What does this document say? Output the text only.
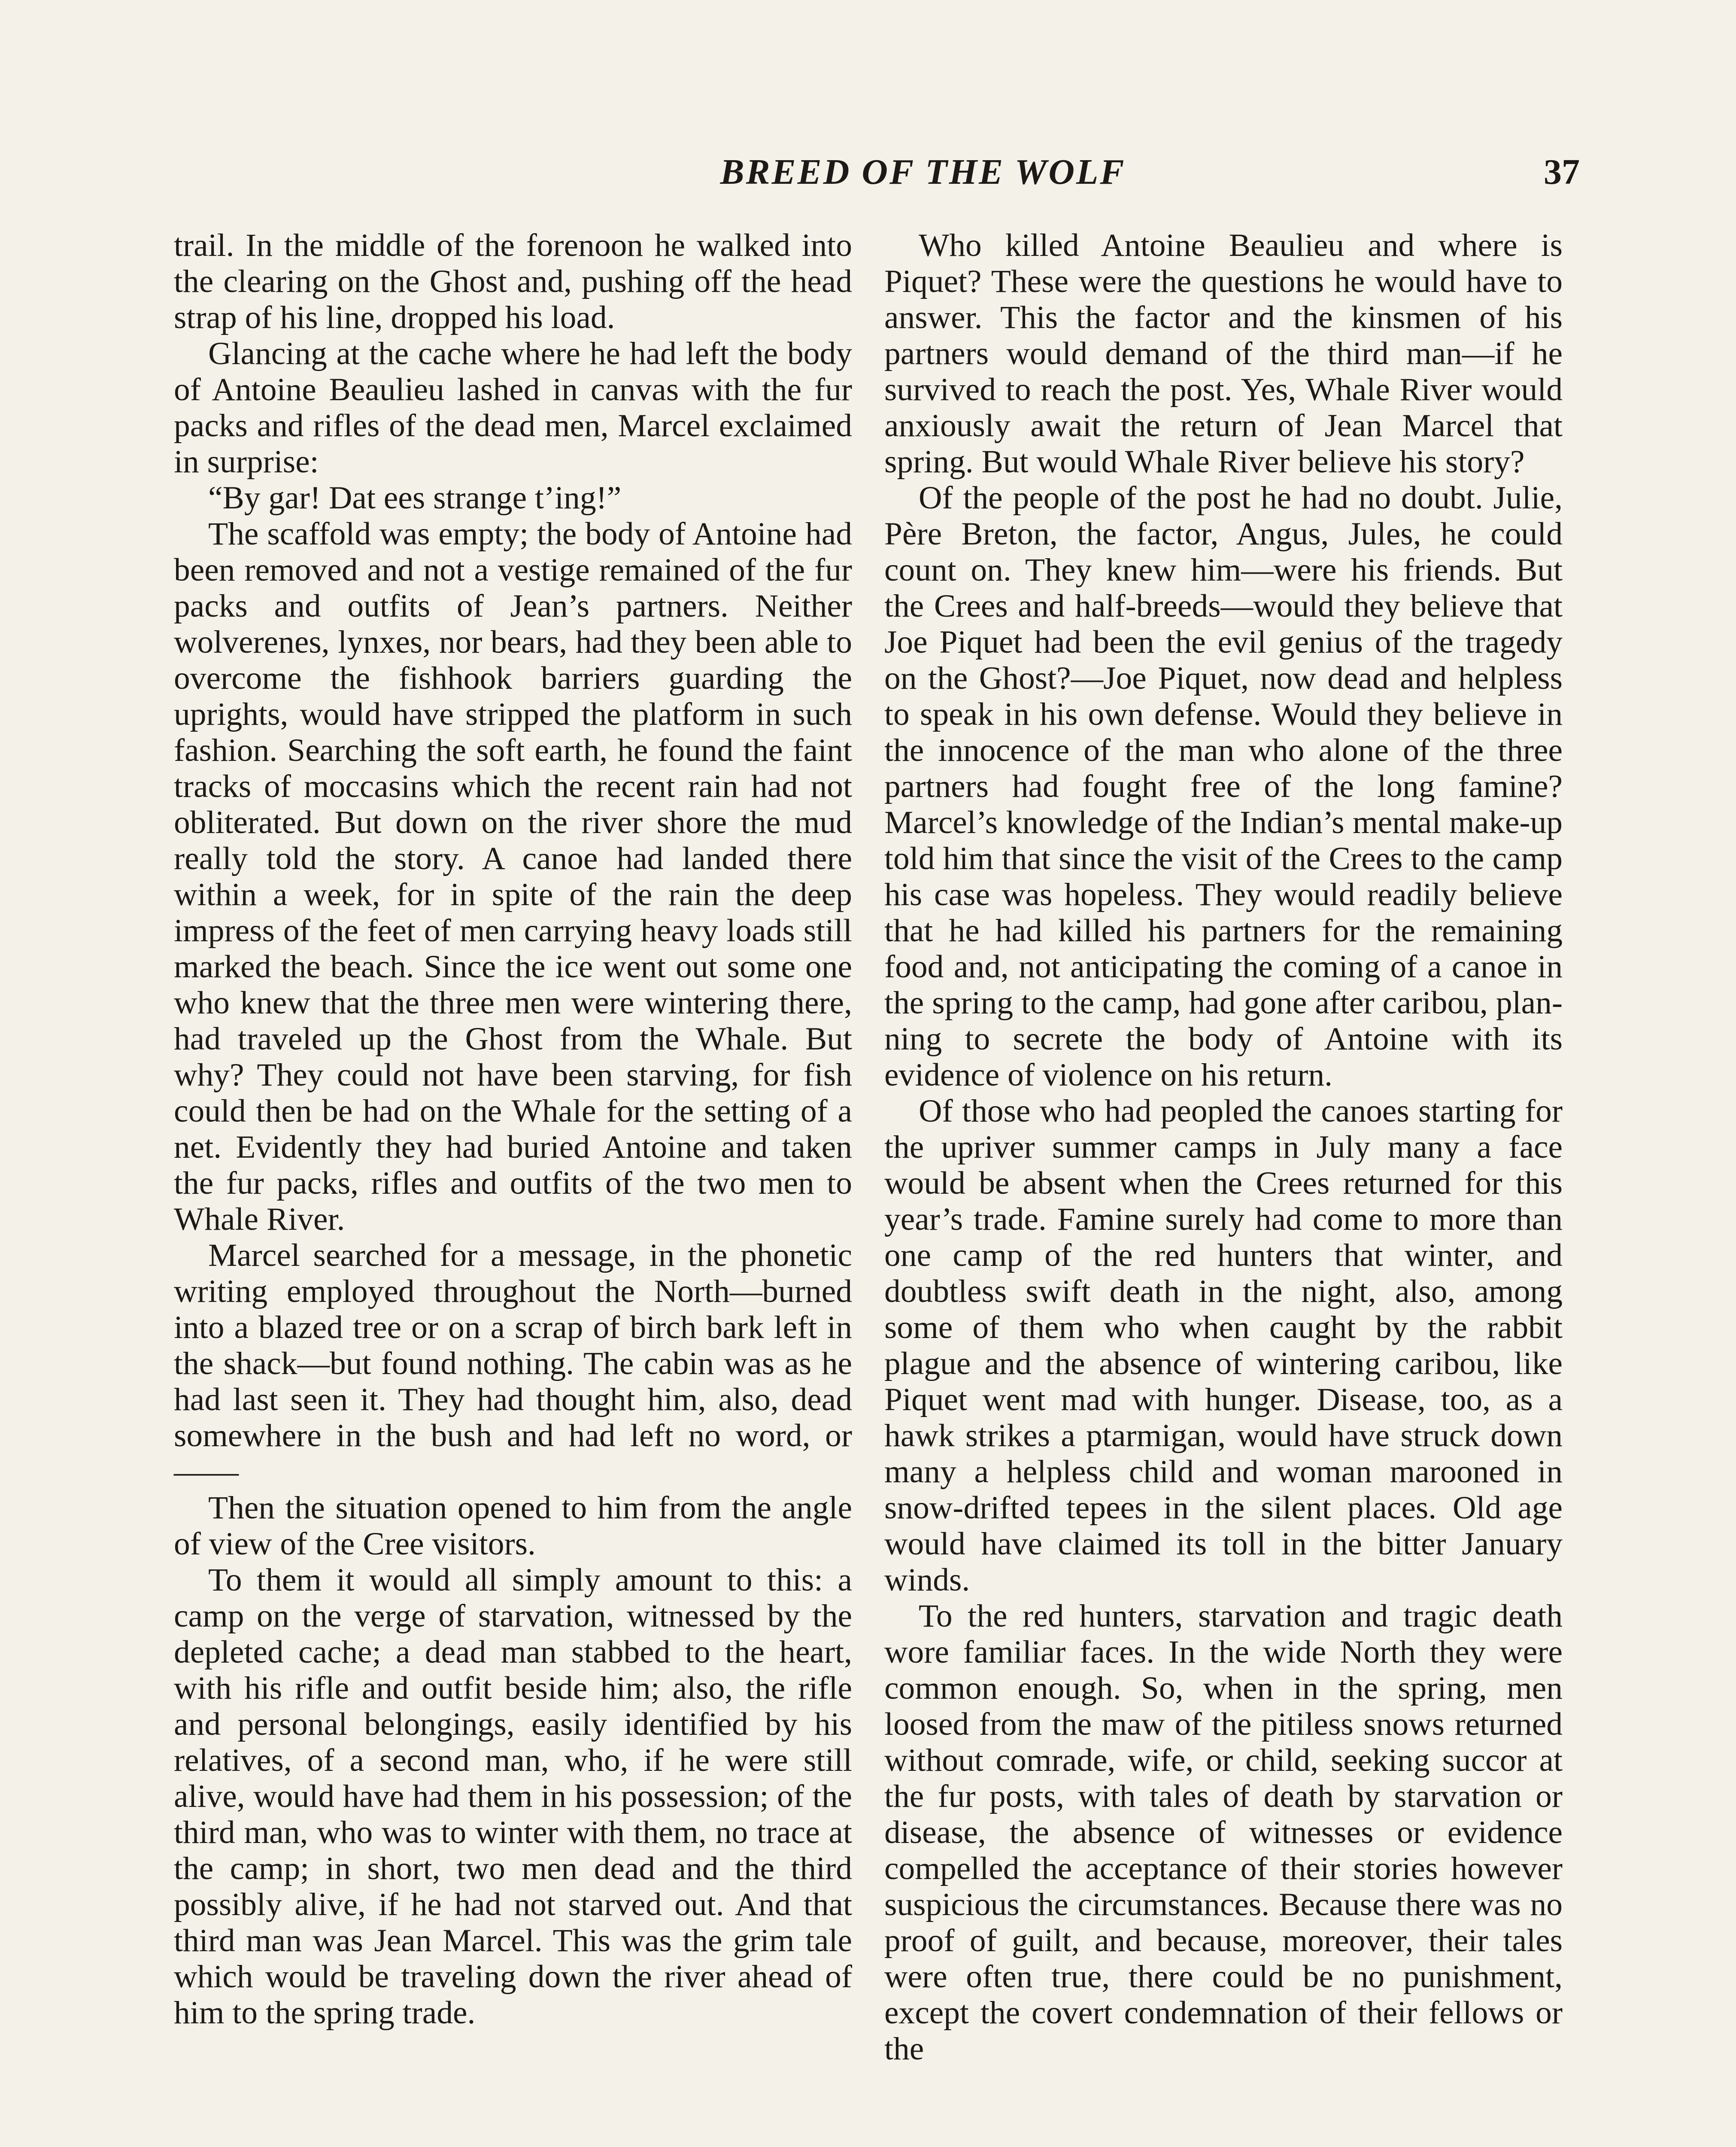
BREED OF THE WOLF	37

trail. In the middle of the forenoon he walked into the clearing on the Ghost and, pushing off the head strap of his line, dropped his load.

Glancing at the cache where he had left the body of Antoine Beaulieu lashed in canvas with the fur packs and rifles of the dead men, Marcel exclaimed in surprise:

“By gar! Dat ees strange t’ing!”

The scaffold was empty; the body of Antoine had been removed and not a vestige remained of the fur packs and outfits of Jean’s partners. Neither wolverenes, lynxes, nor bears, had they been able to overcome the fishhook barriers guarding the uprights, would have stripped the platform in such fashion. Searching the soft earth, he found the faint tracks of moccasins which the recent rain had not obliterated. But down on the river shore the mud really told the story. A canoe had landed there within a week, for in spite of the rain the deep impress of the feet of men carrying heavy loads still marked the beach. Since the ice went out some one who knew that the three men were wintering there, had traveled up the Ghost from the Whale. But why? They could not have been starving, for fish could then be had on the Whale for the setting of a net. Evidently they had buried Antoine and taken the fur packs, rifles and outfits of the two men to Whale River.

Marcel searched for a message, in the phonetic writing employed throughout the North—burned into a blazed tree or on a scrap of birch bark left in the shack—but found nothing. The cabin was as he had last seen it. They had thought him, also, dead somewhere in the bush and had left no word, or——

Then the situation opened to him from the angle of view of the Cree visitors.

To them it would all simply amount to this: a camp on the verge of starvation, witnessed by the depleted cache; a dead man stabbed to the heart, with his rifle and outfit beside him; also, the rifle and personal belongings, easily identified by his relatives, of a second man, who, if he were still alive, would have had them in his possession; of the third man, who was to winter with them, no trace at the camp; in short, two men dead and the third possibly alive, if he had not starved out. And that third man was Jean Marcel. This was the grim tale which would be traveling down the river ahead of him to the spring trade.

Who killed Antoine Beaulieu and where is Piquet? These were the questions he would have to answer. This the factor and the kinsmen of his partners would demand of the third man—if he survived to reach the post. Yes, Whale River would anxiously await the return of Jean Marcel that spring. But would Whale River believe his story?

Of the people of the post he had no doubt. Julie, Père Breton, the factor, Angus, Jules, he could count on. They knew him—were his friends. But the Crees and half-breeds—would they believe that Joe Piquet had been the evil genius of the tragedy on the Ghost?—Joe Piquet, now dead and helpless to speak in his own defense. Would they believe in the innocence of the man who alone of the three partners had fought free of the long famine? Marcel’s knowledge of the Indian’s mental make-up told him that since the visit of the Crees to the camp his case was hopeless. They would readily believe that he had killed his partners for the remaining food and, not anticipating the coming of a canoe in the spring to the camp, had gone after caribou, planning to secrete the body of Antoine with its evidence of violence on his return.

Of those who had peopled the canoes starting for the upriver summer camps in July many a face would be absent when the Crees returned for this year’s trade. Famine surely had come to more than one camp of the red hunters that winter, and doubtless swift death in the night, also, among some of them who when caught by the rabbit plague and the absence of wintering caribou, like Piquet went mad with hunger. Disease, too, as a hawk strikes a ptarmigan, would have struck down many a helpless child and woman marooned in snow-drifted tepees in the silent places. Old age would have claimed its toll in the bitter January winds.

To the red hunters, starvation and tragic death wore familiar faces. In the wide North they were common enough. So, when in the spring, men loosed from the maw of the pitiless snows returned without comrade, wife, or child, seeking succor at the fur posts, with tales of death by starvation or disease, the absence of witnesses or evidence compelled the acceptance of their stories however suspicious the circumstances. Because there was no proof of guilt, and because, moreover, their tales were often true, there could be no punishment, except the covert condemnation of their fellows or the
